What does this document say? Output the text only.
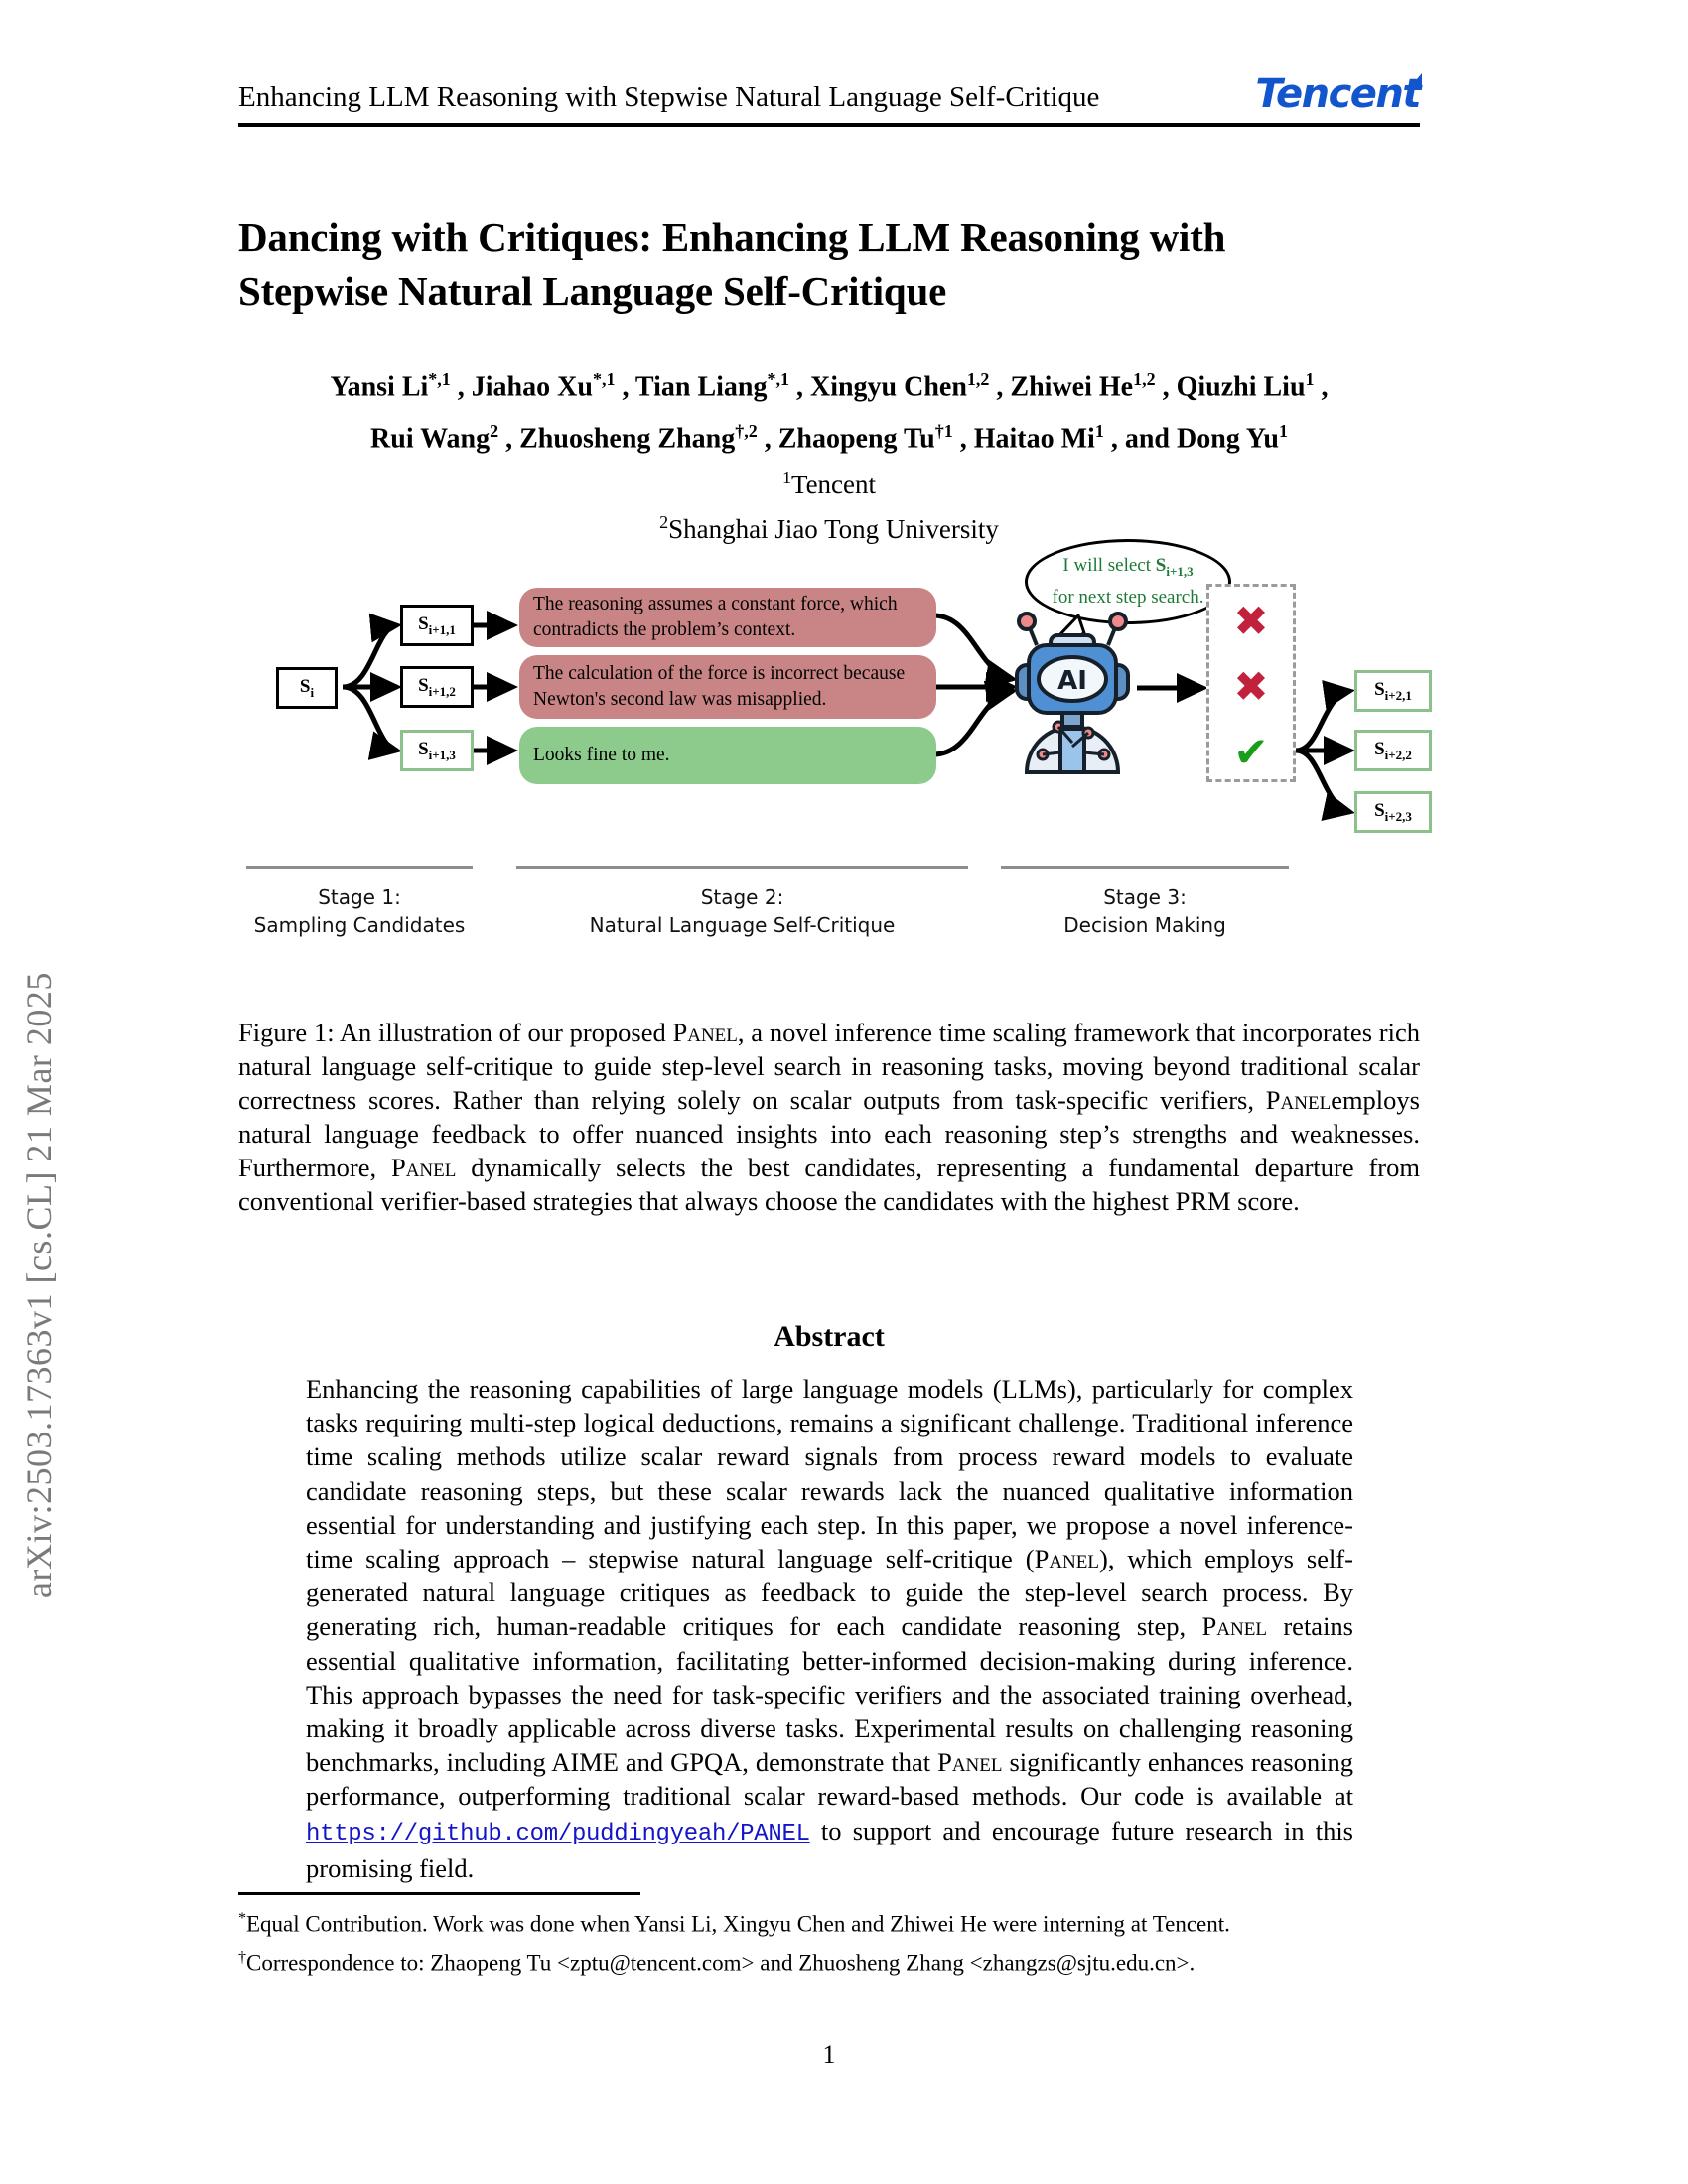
arXiv:2503.17363v1 [cs.CL] 21 Mar 2025
Enhancing LLM Reasoning with Stepwise Natural Language Self-Critique	Tencent
Dancing with Critiques: Enhancing LLM Reasoning with Stepwise Natural Language Self-Critique
Yansi $Li^{*,1}$ , Jiahao $Xu^{*,1}$ , Tian Liang$^{*,1}$ , Xingyu Chen$^{1,2}$ , Zhiwei He$^{1,2}$ , Qiuzhi Liu$^1$ ,
Rui Wang$^2$ , Zhuosheng Zhang$^{\dagger,2}$ , Zhaopeng Tu$^{\dagger 1}$ , Haitao Mi$^1$ , and Dong Yu$^1$
$^1$Tencent
$^2$Shanghai Jiao Tong University
$S_i$
$S_{i+1,1}$
$S_{i+1,2}$
$S_{i+1,3}$
The reasoning assumes a constant force, which contradicts the problem’s context.
The calculation of the force is incorrect because Newton's second law was misapplied.
Looks fine to me.
I will select $S_{i+1,3}$
for next step search.
AI
✖
✖
✔
$S_{i+2,1}$
$S_{i+2,2}$
$S_{i+2,3}$
Stage 1:
Sampling Candidates
Stage 2:
Natural Language Self-Critique
Stage 3:
Decision Making
Figure 1: An illustration of our proposed Panel, a novel inference time scaling framework that incorporates rich natural language self-critique to guide step-level search in reasoning tasks, moving beyond traditional scalar correctness scores. Rather than relying solely on scalar outputs from task-specific verifiers, Panelemploys natural language feedback to offer nuanced insights into each reasoning step’s strengths and weaknesses. Furthermore, Panel dynamically selects the best candidates, representing a fundamental departure from conventional verifier-based strategies that always choose the candidates with the highest PRM score.
Abstract
Enhancing the reasoning capabilities of large language models (LLMs), particularly for complex tasks requiring multi-step logical deductions, remains a significant challenge. Traditional inference time scaling methods utilize scalar reward signals from process reward models to evaluate candidate reasoning steps, but these scalar rewards lack the nuanced qualitative information essential for understanding and justifying each step. In this paper, we propose a novel inference-time scaling approach – stepwise natural language self-critique (Panel), which employs self-generated natural language critiques as feedback to guide the step-level search process. By generating rich, human-readable critiques for each candidate reasoning step, Panel retains essential qualitative information, facilitating better-informed decision-making during inference. This approach bypasses the need for task-specific verifiers and the associated training overhead, making it broadly applicable across diverse tasks. Experimental results on challenging reasoning benchmarks, including AIME and GPQA, demonstrate that Panel significantly enhances reasoning performance, outperforming traditional scalar reward-based methods. Our code is available at https://github.com/puddingyeah/PANEL to support and encourage future research in this promising field.
*Equal Contribution. Work was done when Yansi Li, Xingyu Chen and Zhiwei He were interning at Tencent.
†Correspondence to: Zhaopeng Tu <zptu@tencent.com> and Zhuosheng Zhang <zhangzs@sjtu.edu.cn>.
1
